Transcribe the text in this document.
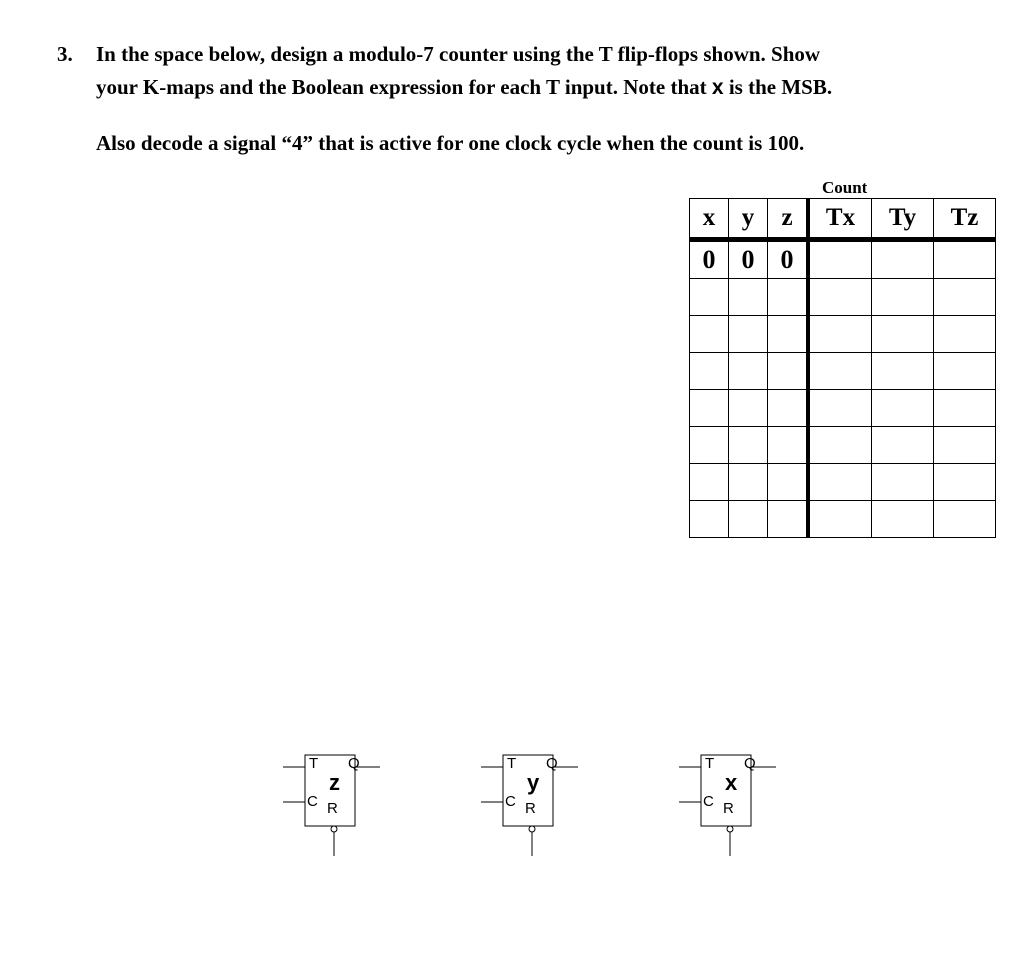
3. In the space below, design a modulo-7 counter using the T flip-flops shown. Show
your K-maps and the Boolean expression for each T input. Note that x is the MSB.
Also decode a signal “4” that is active for one clock cycle when the count is 100.
Count
x	y	z	Tx	Ty	Tz
0	0	0			

T Q
z
C R
T Q
y
C R
T Q
x
C R
